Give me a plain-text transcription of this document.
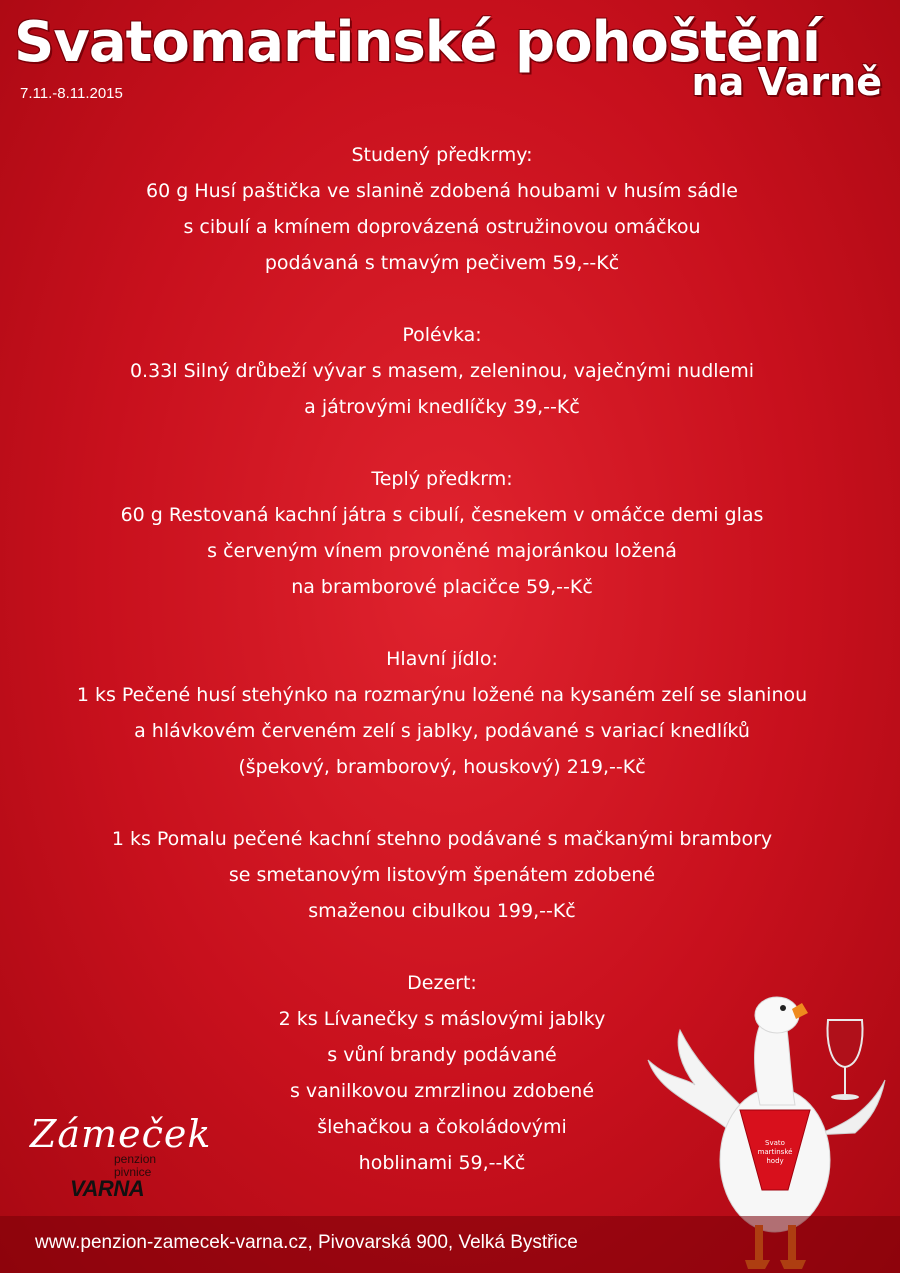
Svatomartinské pohoštění
na Varně
7.11.-8.11.2015
Studený předkrmy:
60 g Husí paštička ve slanině zdobená houbami v husím sádle
s cibulí a kmínem doprovázená ostružinovou omáčkou
podávaná s tmavým pečivem 59,--Kč
Polévka:
0.33l Silný drůbeží vývar s masem, zeleninou, vaječnými nudlemi
a játrovými knedlíčky 39,--Kč
Teplý předkrm:
60 g Restovaná kachní játra s cibulí, česnekem v omáčce demi glas
s červeným vínem provoněné majoránkou ložená
na bramborové placičce 59,--Kč
Hlavní jídlo:
1 ks Pečené husí stehýnko na rozmarýnu ložené na kysaném zelí se slaninou
a hlávkovém červeném zelí s jablky, podávané s variací knedlíků
(špekový, bramborový, houskový) 219,--Kč
1 ks Pomalu pečené kachní stehno podávané s mačkanými brambory
se smetanovým listovým špenátem zdobené
smaženou cibulkou 199,--Kč
Dezert:
2 ks Lívanečky s máslovými jablky
s vůní brandy podávané
s vanilkovou zmrzlinou zdobené
šlehačkou a čokoládovými
hoblinami 59,--Kč
Zámeček
penzion
pivnice
VARNA
Svato
martinské
hody
www.penzion-zamecek-varna.cz, Pivovarská 900, Velká Bystřice
